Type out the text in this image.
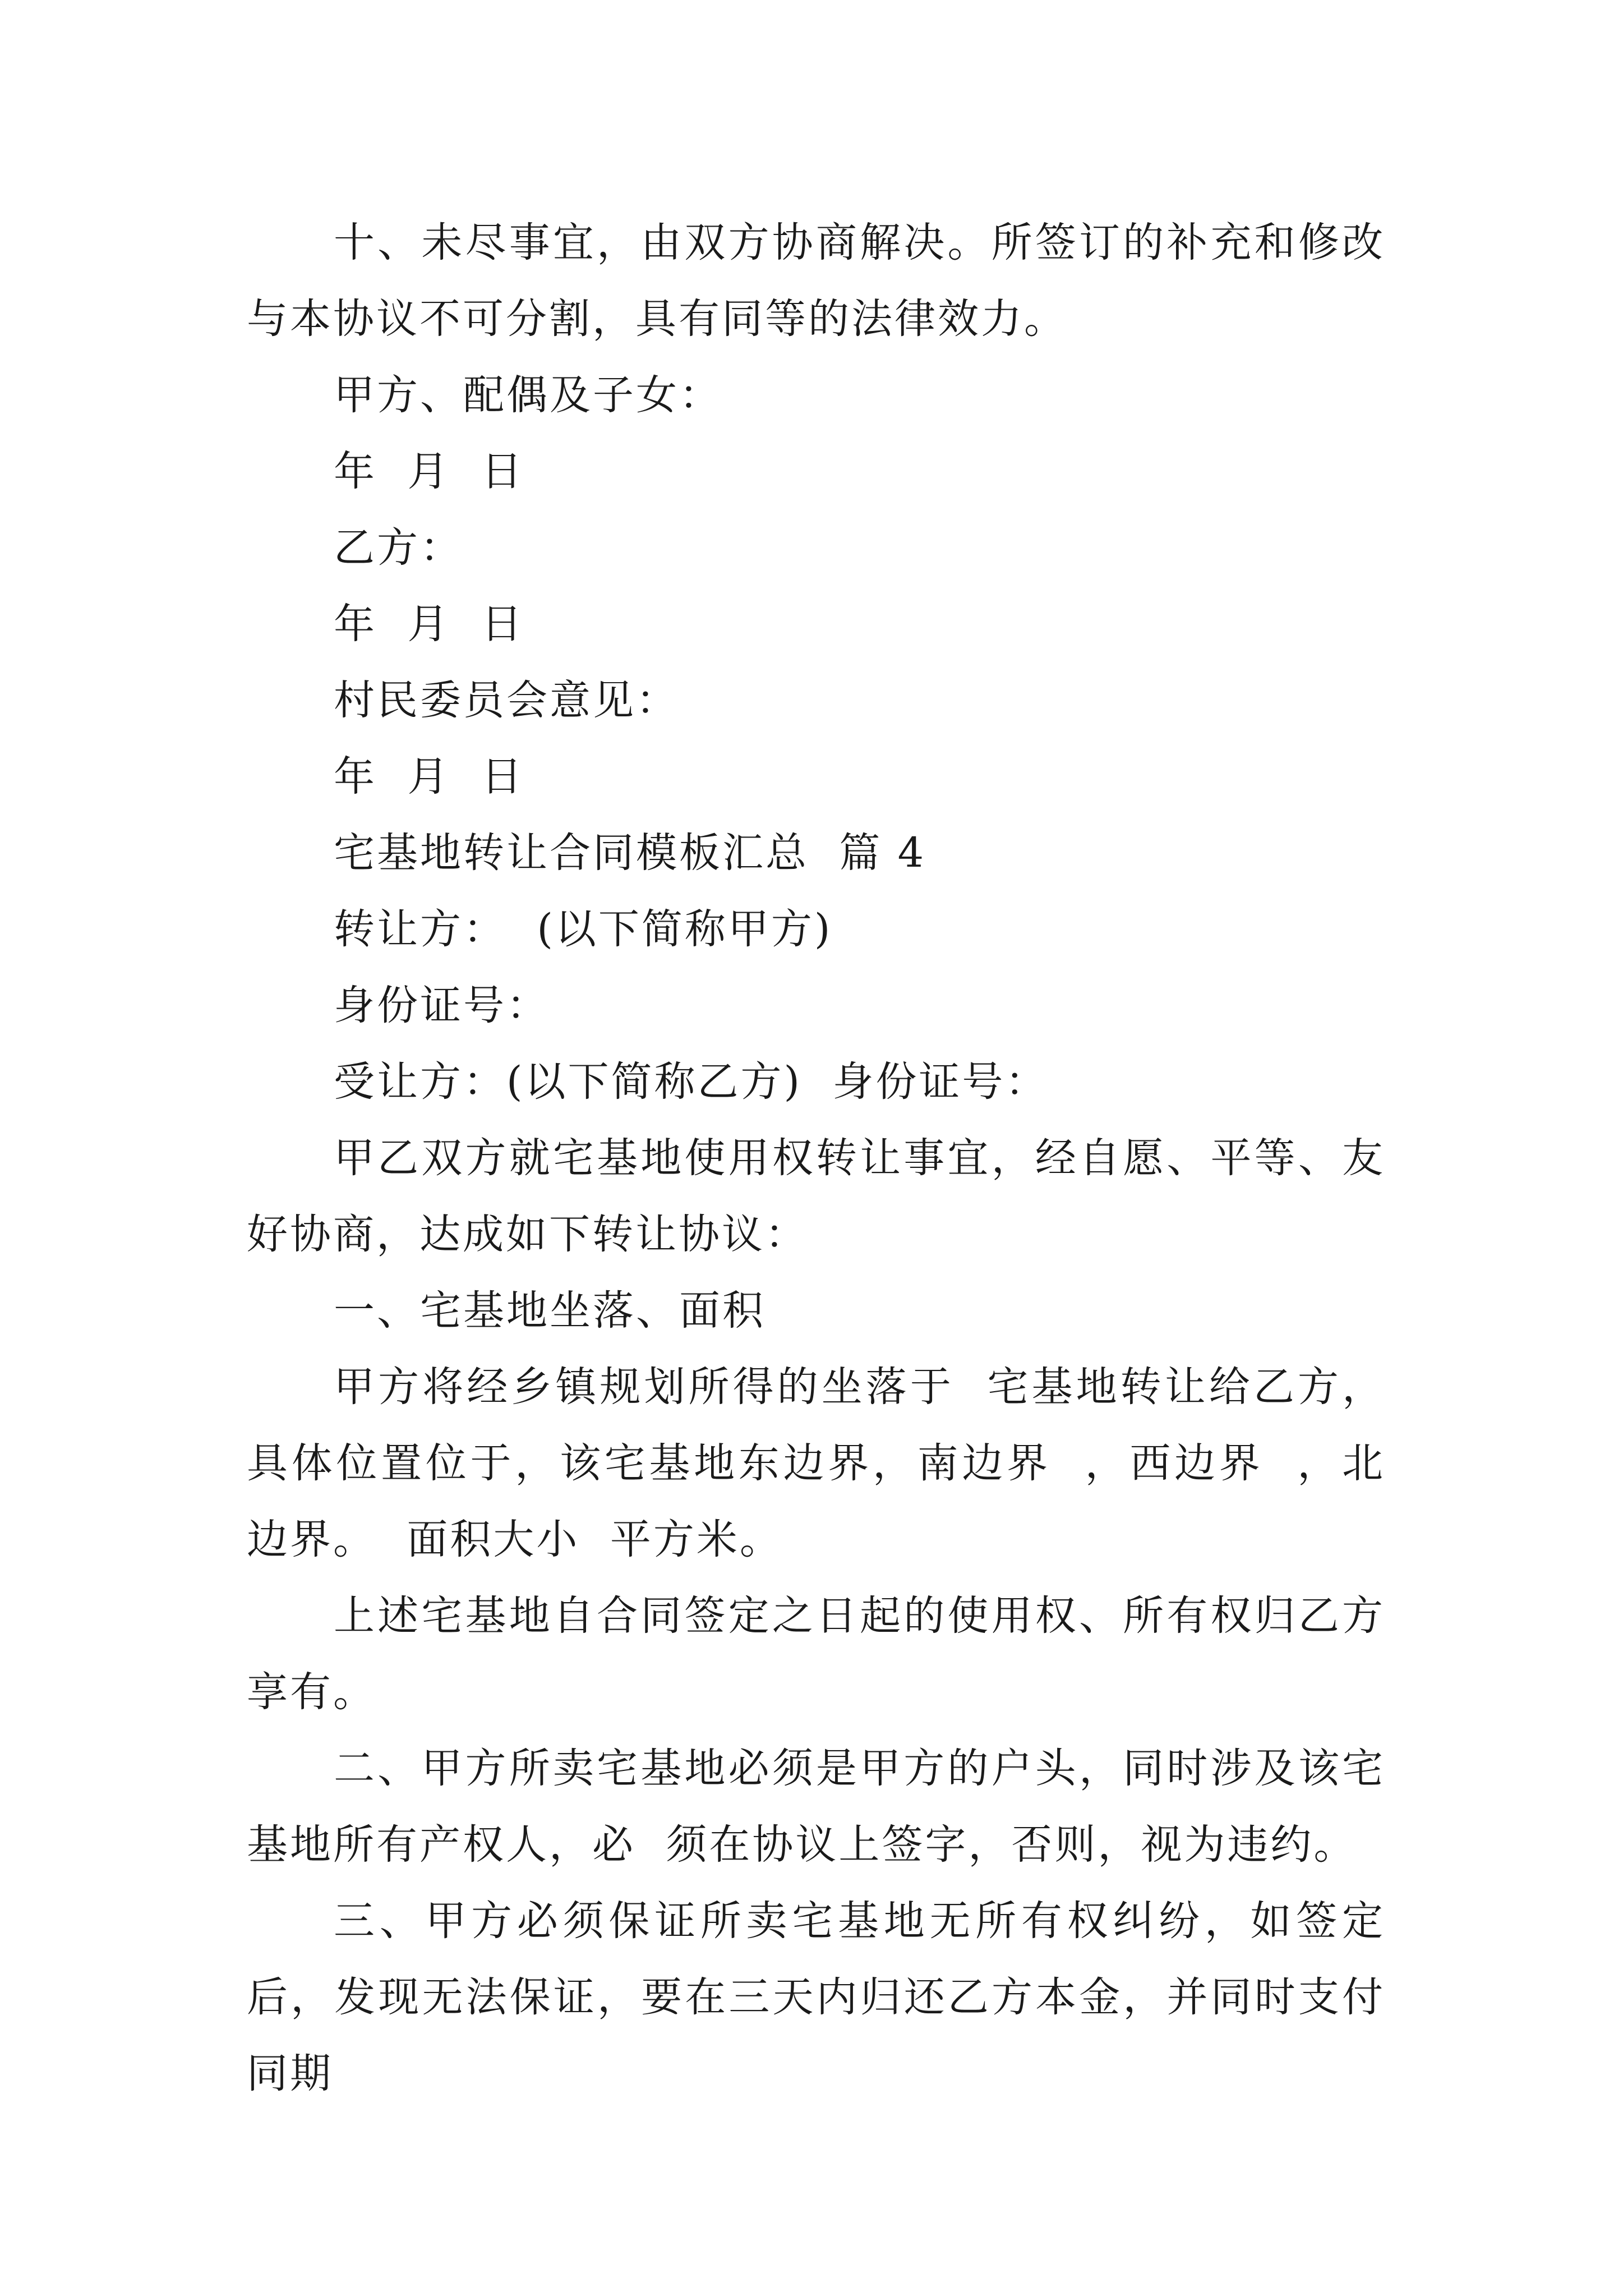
十、未尽事宜，由双方协商解决。所签订的补充和修改与本协议不可分割，具有同等的法律效力。

甲方、配偶及子女：

年  月  日

乙方：

年  月  日

村民委员会意见：

年  月  日

宅基地转让合同模板汇总  篇 4

转让方：  (以下简称甲方)

身份证号：

受让方：(以下简称乙方)  身份证号：

甲乙双方就宅基地使用权转让事宜，经自愿、平等、友好协商，达成如下转让协议：

一、宅基地坐落、面积

甲方将经乡镇规划所得的坐落于  宅基地转让给乙方，具体位置位于，该宅基地东边界，南边界  ，西边界  ，北边界。  面积大小  平方米。

上述宅基地自合同签定之日起的使用权、所有权归乙方享有。

二、甲方所卖宅基地必须是甲方的户头，同时涉及该宅基地所有产权人，必  须在协议上签字，否则，视为违约。

三、甲方必须保证所卖宅基地无所有权纠纷，如签定后，发现无法保证，要在三天内归还乙方本金，并同时支付同期
